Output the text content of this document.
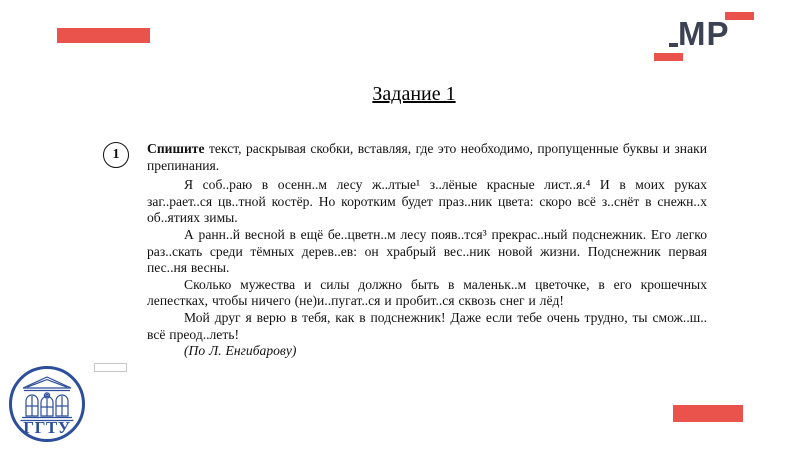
MP
Задание 1
1 Спишите текст, раскрывая скобки, вставляя, где это необходимо, пропущенные буквы и знаки препинания.

Я соб..раю в осенн..м лесу ж..лтые¹ з..лёные красные лист..я.⁴ И в моих руках заг..рает..ся цв..тной костёр. Но коротким будет праз..ник цвета: скоро всё з..снёт в снежн..х об..ятиях зимы.

А ранн..й весной в ещё бе..цветн..м лесу появ..тся³ прекрас..ный подснежник. Его легко раз..скать среди тёмных дерев..ев: он храбрый вес..ник новой жизни. Подснежник первая пес..ня весны.

Сколько мужества и силы должно быть в маленьк..м цветочке, в его крошечных лепестках, чтобы ничего (не)и..пугат..ся и пробит..ся сквозь снег и лёд!

Мой друг я верю в тебя, как в подснежник! Даже если тебе очень трудно, ты смож..ш.. всё преод..леть!

(По Л. Енгибарову)

ГГТУ
